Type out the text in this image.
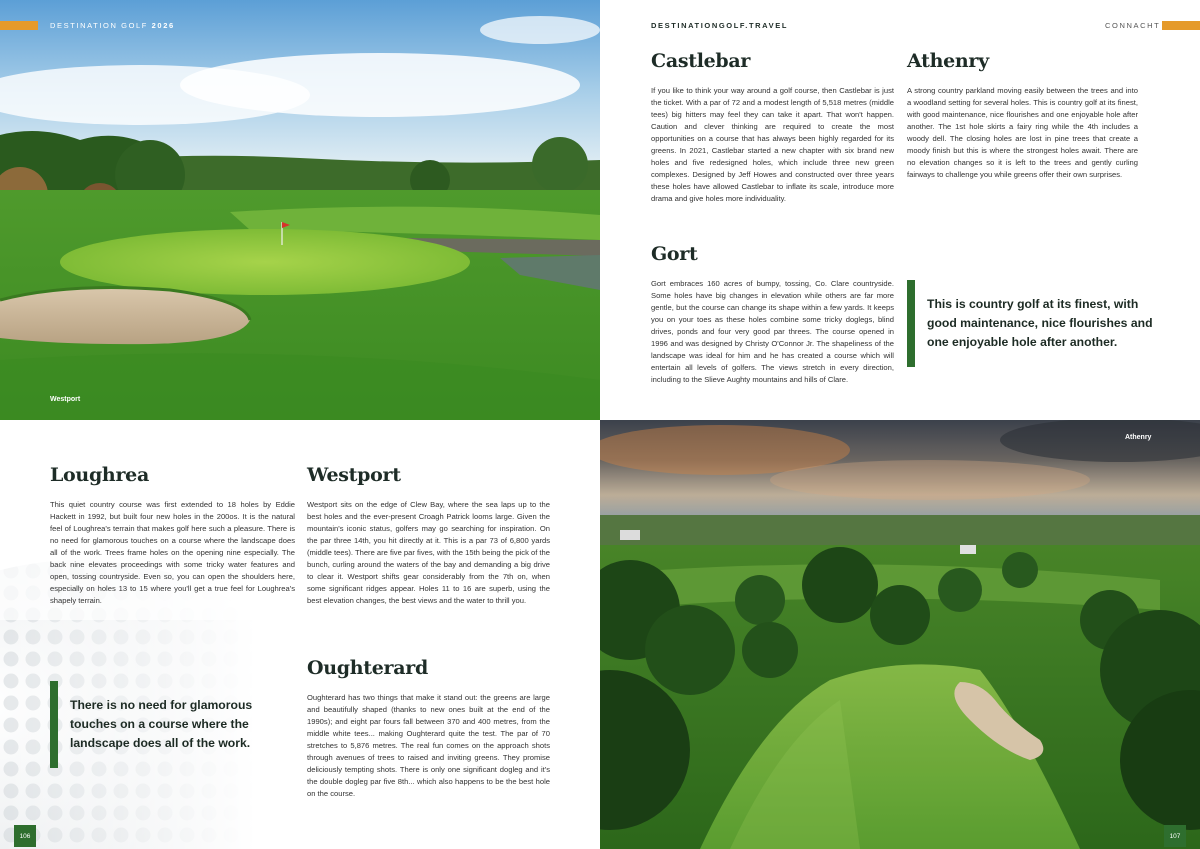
DESTINATION GOLF 2026
Westport
DESTINATIONGOLF.TRAVEL	CONNACHT
Castlebar
If you like to think your way around a golf course, then Castlebar is just the ticket. With a par of 72 and a modest length of 5,518 metres (middle tees) big hitters may feel they can take it apart. That won't happen. Caution and clever thinking are required to create the most opportunities on a course that has always been highly regarded for its greens. In 2021, Castlebar started a new chapter with six brand new holes and five redesigned holes, which include three new green complexes. Designed by Jeff Howes and constructed over three years these holes have allowed Castlebar to inflate its scale, introduce more drama and give holes more individuality.
Athenry
A strong country parkland moving easily between the trees and into a woodland setting for several holes. This is country golf at its finest, with good maintenance, nice flourishes and one enjoyable hole after another. The 1st hole skirts a fairy ring while the 4th includes a woody dell. The closing holes are lost in pine trees that create a moody finish but this is where the strongest holes await. There are no elevation changes so it is left to the trees and gently curling fairways to challenge you while greens offer their own surprises.
Gort
Gort embraces 160 acres of bumpy, tossing, Co. Clare countryside. Some holes have big changes in elevation while others are far more gentle, but the course can change its shape within a few yards. It keeps you on your toes as these holes combine some tricky doglegs, blind drives, ponds and four very good par threes. The course opened in 1996 and was designed by Christy O'Connor Jr. The shapeliness of the landscape was ideal for him and he has created a course which will entertain all levels of golfers. The views stretch in every direction, including to the Slieve Aughty mountains and hills of Clare.
This is country golf at its finest, with good maintenance, nice flourishes and one enjoyable hole after another.
Loughrea
This quiet country course was first extended to 18 holes by Eddie Hackett in 1992, but built four new holes in the 200os. It is the natural feel of Loughrea's terrain that makes golf here such a pleasure. There is no need for glamorous touches on a course where the landscape does all of the work. Trees frame holes on the opening nine especially. The back nine elevates proceedings with some tricky water features and open, tossing countryside. Even so, you can open the shoulders here, especially on holes 13 to 15 where you'll get a true feel for Loughrea's shapely terrain.
Westport
Westport sits on the edge of Clew Bay, where the sea laps up to the best holes and the ever-present Croagh Patrick looms large. Given the mountain's iconic status, golfers may go searching for inspiration. On the par three 14th, you hit directly at it. This is a par 73 of 6,800 yards (middle tees). There are five par fives, with the 15th being the pick of the bunch, curling around the waters of the bay and demanding a big drive to clear it. Westport shifts gear considerably from the 7th on, when some significant ridges appear. Holes 11 to 16 are superb, using the best elevation changes, the best views and the water to thrill you.
Oughterard
Oughterard has two things that make it stand out: the greens are large and beautifully shaped (thanks to new ones built at the end of the 1990s); and eight par fours fall between 370 and 400 metres, from the middle white tees... making Oughterard quite the test. The par of 70 stretches to 5,876 metres. The real fun comes on the approach shots through avenues of trees to raised and inviting greens. They promise deliciously tempting shots. There is only one significant dogleg and it's the double dogleg par five 8th... which also happens to be the best hole on the course.
There is no need for glamorous touches on a course where the landscape does all of the work.
Athenry
106	107
